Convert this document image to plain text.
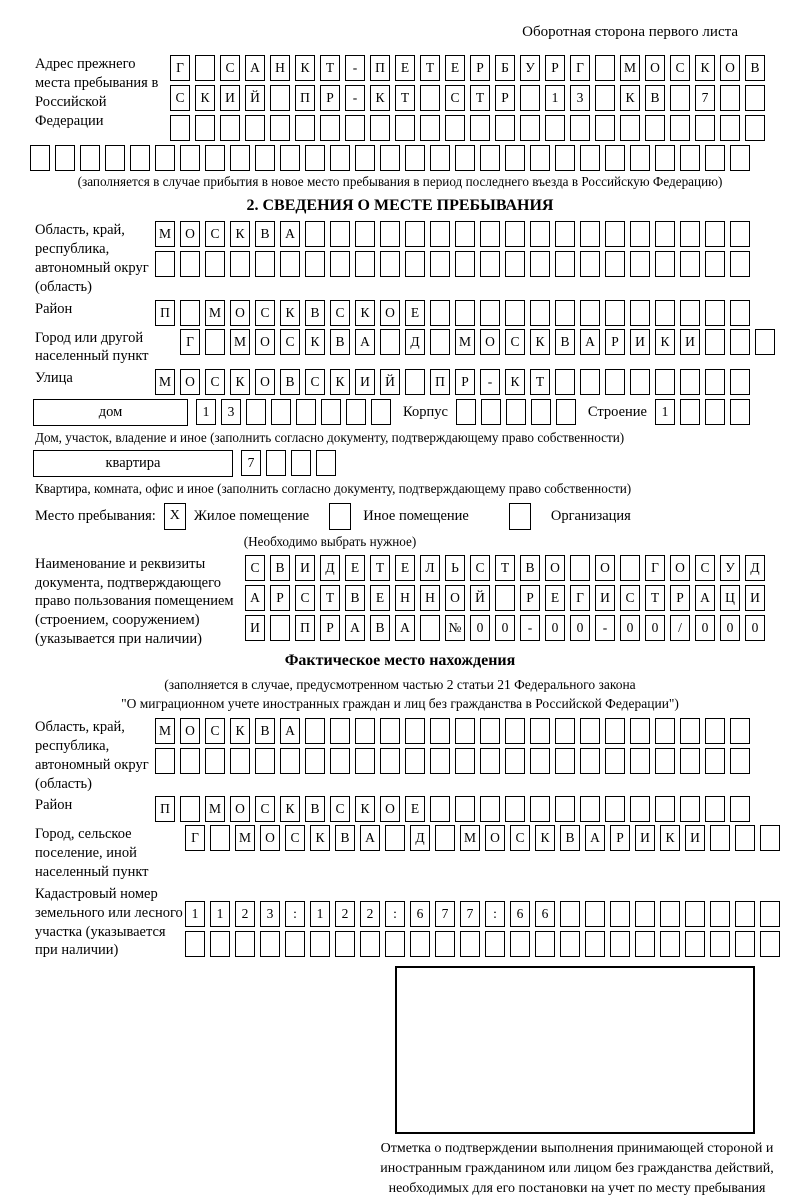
Оборотная сторона первого листа
Адрес прежнего места пребывания в Российской Федерации
Г	С	А	Н	К	Т	-	П	Е	Т	Е	Р	Б	У	Р	Г	М	О	С	К	О	В
С	К	И	Й	П	Р	-	К	Т	С	Т	Р	1	3	К	В	7
(заполняется в случае прибытия в новое место пребывания в период последнего въезда в Российскую Федерацию)
2. СВЕДЕНИЯ О МЕСТЕ ПРЕБЫВАНИЯ
Область, край, республика, автономный округ (область)
М	О	С	К	В	А
Район	П	М	О	С	К	В	С	К	О	Е
Город или другой населенный пункт
Г	М	О	С	К	В	А	Д	М	О	С	К	В	А	Р	И	К	И
Улица	М	О	С	К	О	В	С	К	И	Й	П	Р	-	К	Т
дом	1	3	Корпус	Строение	1
Дом, участок, владение и иное (заполнить согласно документу, подтверждающему право собственности)
квартира	7
Квартира, комната, офис и иное (заполнить согласно документу, подтверждающему право собственности)
Место пребывания: X Жилое помещение	Иное помещение	Организация
(Необходимо выбрать нужное)
Наименование и реквизиты документа, подтверждающего право пользования помещением (строением, сооружением) (указывается при наличии)
С	В	И	Д	Е	Т	Е	Л	Ь	С	Т	В	О	О	Г	О	С	У	Д
А	Р	С	Т	В	Е	Н	Н	О	Й	Р	Е	Г	И	С	Т	Р	А	Ц	И
И	П	Р	А	В	А	№	0	0	-	0	0	-	0	0	/	0	0	0
Фактическое место нахождения
(заполняется в случае, предусмотренном частью 2 статьи 21 Федерального закона
"О миграционном учете иностранных граждан и лиц без гражданства в Российской Федерации")
Область, край, республика, автономный округ (область)
М	О	С	К	В	А
Район	П	М	О	С	К	В	С	К	О	Е
Город, сельское поселение, иной населенный пункт
Г	М	О	С	К	В	А	Д	М	О	С	К	В	А	Р	И	К	И
Кадастровый номер земельного или лесного участка (указывается при наличии)
1	1	2	3	:	1	2	2	:	6	7	7	:	6	6
Отметка о подтверждении выполнения принимающей стороной и иностранным гражданином или лицом без гражданства действий, необходимых для его постановки на учет по месту пребывания
